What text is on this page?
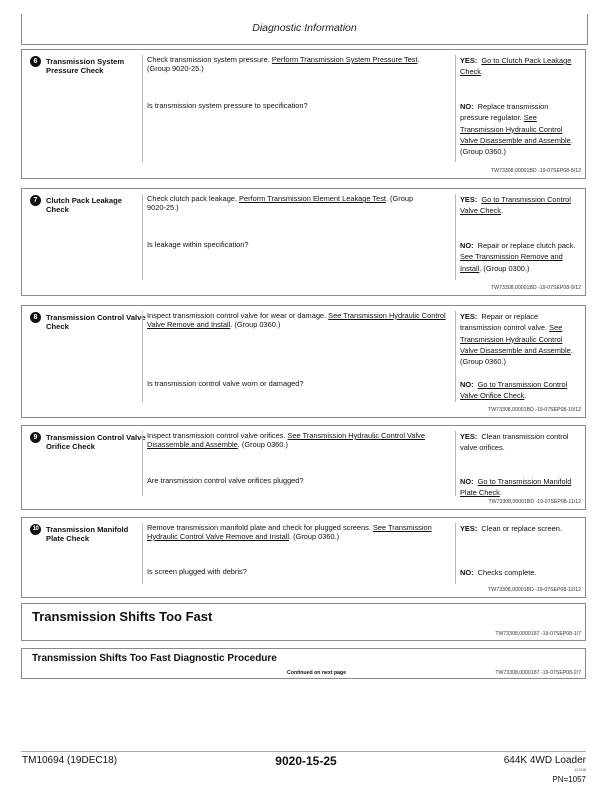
Diagnostic Information
6	Transmission System Pressure Check
Check transmission system pressure. Perform Transmission System Pressure Test.
(Group 9020-25.)
Is transmission system pressure to specification?
YES: Go to Clutch Pack Leakage Check.
NO: Replace transmission pressure regulator. See Transmission Hydraulic Control Valve Disassemble and Assemble. (Group 0360.)
TW73308,00001BD -19-07SEP08-8/12
7	Clutch Pack Leakage Check
Check clutch pack leakage. Perform Transmission Element Leakage Test. (Group
9020-25.)
Is leakage within specification?
YES: Go to Transmission Control Valve Check.
NO: Repair or replace clutch pack. See Transmission Remove and Install. (Group 0300.)
TW73308,00001BD -19-07SEP08-9/12
8	Transmission Control Valve Check
Inspect transmission control valve for wear or damage. See Transmission Hydraulic Control Valve Remove and Install. (Group 0360.)
Is transmission control valve worn or damaged?
YES: Repair or replace transmission control valve. See Transmission Hydraulic Control Valve Disassemble and Assemble. (Group 0360.)
NO: Go to Transmission Control Valve Orifice Check.
TW73308,00001BD -19-07SEP08-10/12
9	Transmission Control Valve Orifice Check
Inspect transmission control valve orifices. See Transmission Hydraulic Control Valve Disassemble and Assemble. (Group 0360.)
Are transmission control valve orifices plugged?
YES: Clean transmission control valve orifices.
NO: Go to Transmission Manifold Plate Check.
TW73308,00001BD -19-07SEP08-11/12
10	Transmission Manifold Plate Check
Remove transmission manifold plate and check for plugged screens. See Transmission Hydraulic Control Valve Remove and Install. (Group 0360.)
Is screen plugged with debris?
YES: Clean or replace screen.
NO: Checks complete.
TW73308,00001BD -19-07SEP08-12/12
Transmission Shifts Too Fast
TW73308,0000187 -19-07SEP08-1/7
Transmission Shifts Too Fast Diagnostic Procedure
Continued on next page	TW73308,0000187 -19-07SEP08-2/7
TM10694 (19DEC18)	9020-15-25	644K 4WD Loader
121918
PN=1057
